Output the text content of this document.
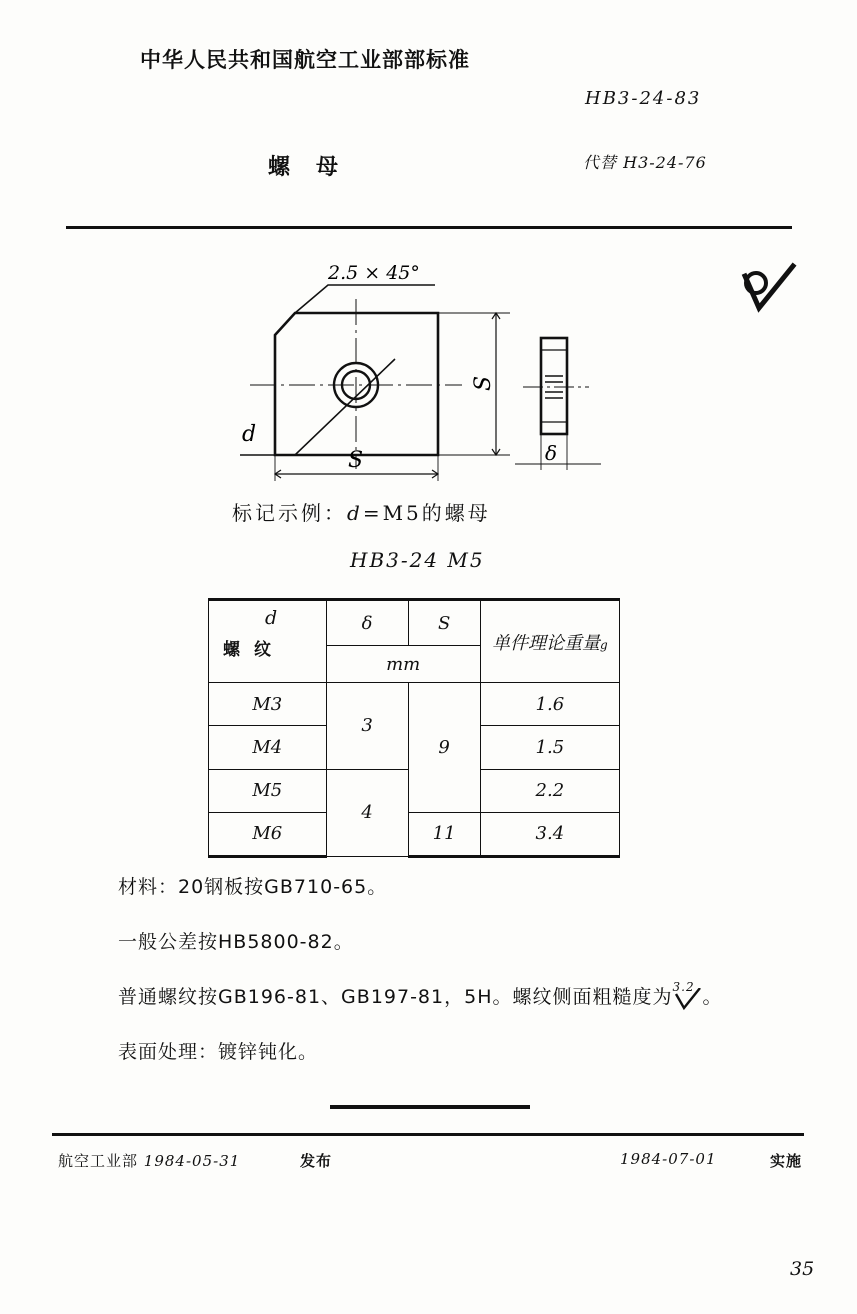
中华人民共和国航空工业部部标准
HB3-24-83
代替 H3-24-76
螺母
d
2.5 × 45°
S
S	δ
标记示例：d=M5的螺母
HB3-24 M5
d
螺纹	δ	S	单件理论重量g
	mm		
M3	3	9	1.6
M4			1.5
M5	4		2.2
M6		11	3.4
材料：20钢板按GB710-65。
一般公差按HB5800-82。
普通螺纹按GB196-81、GB197-81，5H。螺纹侧面粗糙度为 3.2 。
表面处理：镀锌钝化。
航空工业部 1984-05-31	发布	1984-07-01	实施
35
